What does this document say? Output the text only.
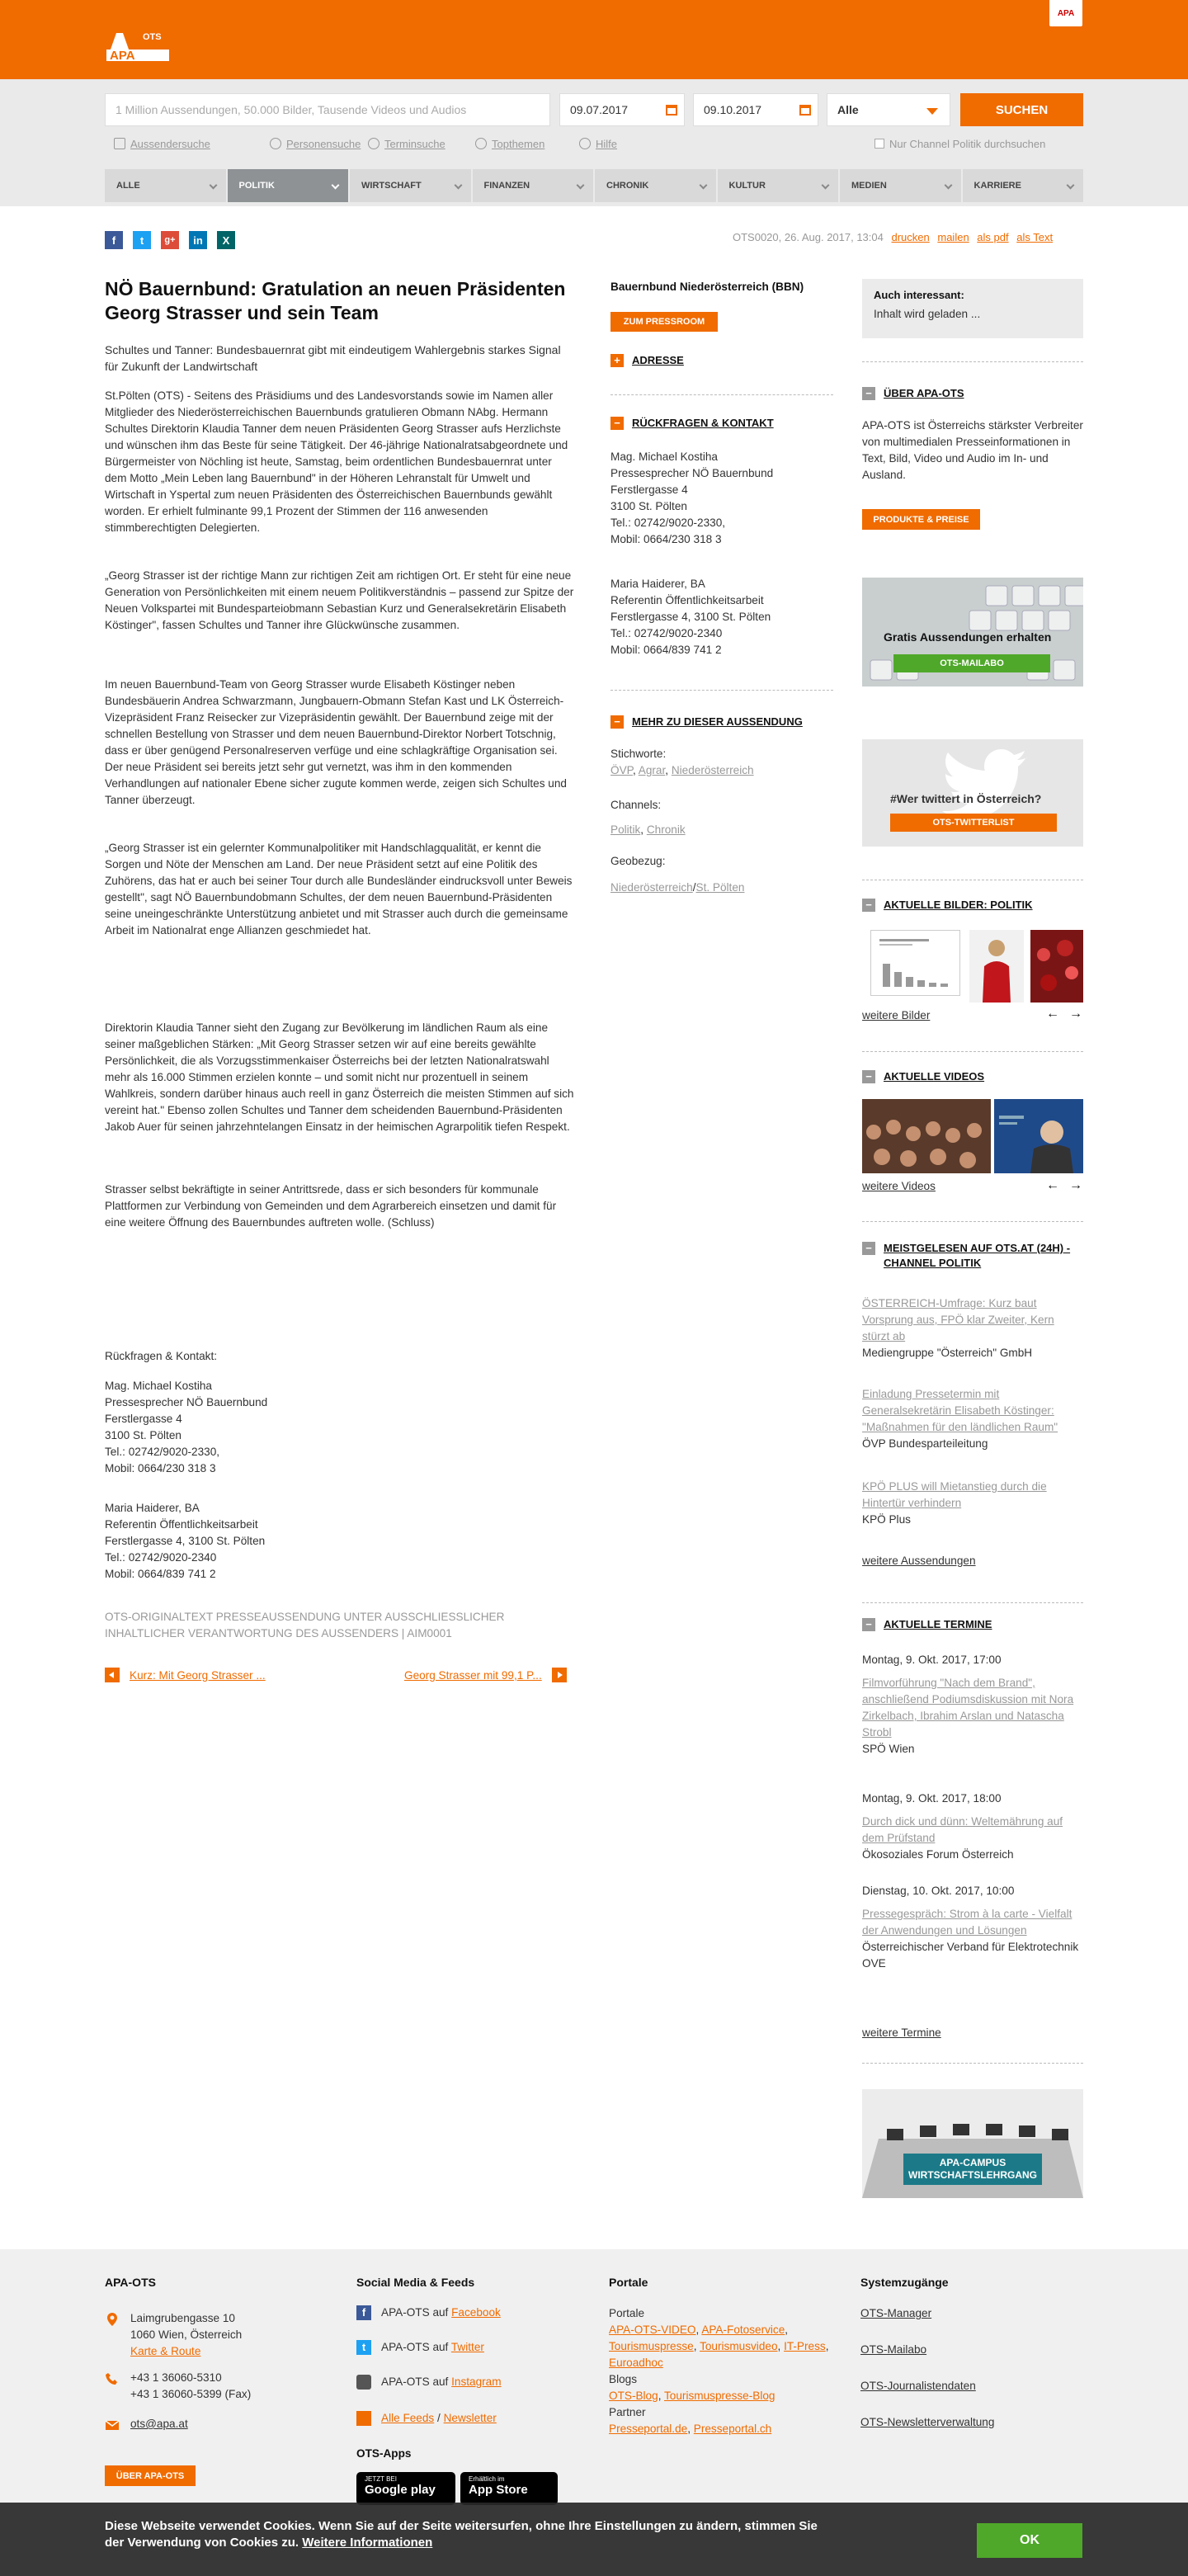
APA
OTS
APA
1 Million Aussendungen, 50.000 Bilder, Tausende Videos und Audios	09.07.2017	09.10.2017	Alle	SUCHEN
Aussendersuche	Personensuche	Terminsuche	Topthemen	Hilfe	Nur Channel Politik durchsuchen
ALLE	POLITIK	WIRTSCHAFT	FINANZEN	CHRONIK	KULTUR	MEDIEN	KARRIERE
f	t	g+	in	X	OTS0020, 26. Aug. 2017, 13:04 drucken mailen als pdf als Text
NÖ Bauernbund: Gratulation an neuen Präsidenten Georg Strasser und sein Team

Schultes und Tanner: Bundesbauernrat gibt mit eindeutigem Wahlergebnis starkes Signal für Zukunft der Landwirtschaft

St.Pölten (OTS) - Seitens des Präsidiums und des Landesvorstands sowie im Namen aller Mitglieder des Niederösterreichischen Bauernbunds gratulieren Obmann NAbg. Hermann Schultes Direktorin Klaudia Tanner dem neuen Präsidenten Georg Strasser aufs Herzlichste und wünschen ihm das Beste für seine Tätigkeit. Der 46-jährige Nationalratsabgeordnete und Bürgermeister von Nöchling ist heute, Samstag, beim ordentlichen Bundesbauernrat unter dem Motto „Mein Leben lang Bauernbund" in der Höheren Lehranstalt für Umwelt und Wirtschaft in Yspertal zum neuen Präsidenten des Österreichischen Bauernbunds gewählt worden. Er erhielt fulminante 99,1 Prozent der Stimmen der 116 anwesenden stimmberechtigten Delegierten.

„Georg Strasser ist der richtige Mann zur richtigen Zeit am richtigen Ort. Er steht für eine neue Generation von Persönlichkeiten mit einem neuem Politikverständnis – passend zur Spitze der Neuen Volkspartei mit Bundesparteiobmann Sebastian Kurz und Generalsekretärin Elisabeth Köstinger", fassen Schultes und Tanner ihre Glückwünsche zusammen.

Im neuen Bauernbund-Team von Georg Strasser wurde Elisabeth Köstinger neben Bundesbäuerin Andrea Schwarzmann, Jungbauern-Obmann Stefan Kast und LK Österreich-Vizepräsident Franz Reisecker zur Vizepräsidentin gewählt. Der Bauernbund zeige mit der schnellen Bestellung von Strasser und dem neuen Bauernbund-Direktor Norbert Totschnig, dass er über genügend Personalreserven verfüge und eine schlagkräftige Organisation sei. Der neue Präsident sei bereits jetzt sehr gut vernetzt, was ihm in den kommenden Verhandlungen auf nationaler Ebene sicher zugute kommen werde, zeigen sich Schultes und Tanner überzeugt.

„Georg Strasser ist ein gelernter Kommunalpolitiker mit Handschlagqualität, er kennt die Sorgen und Nöte der Menschen am Land. Der neue Präsident setzt auf eine Politik des Zuhörens, das hat er auch bei seiner Tour durch alle Bundesländer eindrucksvoll unter Beweis gestellt", sagt NÖ Bauernbundobmann Schultes, der dem neuen Bauernbund-Präsidenten seine uneingeschränkte Unterstützung anbietet und mit Strasser auch durch die gemeinsame Arbeit im Nationalrat enge Allianzen geschmiedet hat.

Direktorin Klaudia Tanner sieht den Zugang zur Bevölkerung im ländlichen Raum als eine seiner maßgeblichen Stärken: „Mit Georg Strasser setzen wir auf eine bereits gewählte Persönlichkeit, die als Vorzugsstimmenkaiser Österreichs bei der letzten Nationalratswahl mehr als 16.000 Stimmen erzielen konnte – und somit nicht nur prozentuell in seinem Wahlkreis, sondern darüber hinaus auch reell in ganz Österreich die meisten Stimmen auf sich vereint hat." Ebenso zollen Schultes und Tanner dem scheidenden Bauernbund-Präsidenten Jakob Auer für seinen jahrzehntelangen Einsatz in der heimischen Agrarpolitik tiefen Respekt.

Strasser selbst bekräftigte in seiner Antrittsrede, dass er sich besonders für kommunale Plattformen zur Verbindung von Gemeinden und dem Agrarbereich einsetzen und damit für eine weitere Öffnung des Bauernbundes auftreten wolle. (Schluss)

Rückfragen & Kontakt:

Mag. Michael Kostiha
Pressesprecher NÖ Bauernbund
Ferstlergasse 4
3100 St. Pölten
Tel.: 02742/9020-2330,
Mobil: 0664/230 318 3
Maria Haiderer, BA
Referentin Öffentlichkeitsarbeit
Ferstlergasse 4, 3100 St. Pölten
Tel.: 02742/9020-2340
Mobil: 0664/839 741 2

OTS-ORIGINALTEXT PRESSEAUSSENDUNG UNTER AUSSCHLIESSLICHER INHALTLICHER VERANTWORTUNG DES AUSSENDERS | AIM0001

Kurz: Mit Georg Strasser ...	Georg Strasser mit 99,1 P...
Bauernbund Niederösterreich (BBN)
ZUM PRESSROOM
+	ADRESSE
−	RÜCKFRAGEN & KONTAKT
Mag. Michael Kostiha
Pressesprecher NÖ Bauernbund
Ferstlergasse 4
3100 St. Pölten
Tel.: 02742/9020-2330,
Mobil: 0664/230 318 3
Maria Haiderer, BA
Referentin Öffentlichkeitsarbeit
Ferstlergasse 4, 3100 St. Pölten
Tel.: 02742/9020-2340
Mobil: 0664/839 741 2
−	MEHR ZU DIESER AUSSENDUNG
Stichworte:
ÖVP, Agrar, Niederösterreich
Channels:
Politik, Chronik
Geobezug:
Niederösterreich/St. Pölten
Auch interessant:
Inhalt wird geladen ...
−	ÜBER APA-OTS
APA-OTS ist Österreichs stärkster Verbreiter von multimedialen Presseinformationen in Text, Bild, Video und Audio im In- und Ausland.
PRODUKTE & PREISE
Gratis Aussendungen erhalten
OTS-MAILABO
#Wer twittert in Österreich?
OTS-TWITTERLIST
−	AKTUELLE BILDER: POLITIK
weitere Bilder	← →
−	AKTUELLE VIDEOS
weitere Videos	← →
−	MEISTGELESEN AUF OTS.AT (24H) - CHANNEL POLITIK
ÖSTERREICH-Umfrage: Kurz baut Vorsprung aus, FPÖ klar Zweiter, Kern stürzt ab
Mediengruppe "Österreich" GmbH
Einladung Pressetermin mit Generalsekretärin Elisabeth Köstinger: "Maßnahmen für den ländlichen Raum"
ÖVP Bundesparteileitung
KPÖ PLUS will Mietanstieg durch die Hintertür verhindern
KPÖ Plus
weitere Aussendungen
−	AKTUELLE TERMINE
Montag, 9. Okt. 2017, 17:00
Filmvorführung "Nach dem Brand", anschließend Podiumsdiskussion mit Nora Zirkelbach, Ibrahim Arslan und Natascha Strobl
SPÖ Wien
Montag, 9. Okt. 2017, 18:00
Durch dick und dünn: Weltemährung auf dem Prüfstand
Ökosoziales Forum Österreich
Dienstag, 10. Okt. 2017, 10:00
Pressegespräch: Strom à la carte - Vielfalt der Anwendungen und Lösungen
Österreichischer Verband für Elektrotechnik OVE
weitere Termine
APA-CAMPUS WIRTSCHAFTSLEHRGANG
APA-OTS
Laimgrubengasse 10
1060 Wien, Österreich
Karte & Route
+43 1 36060-5310
+43 1 36060-5399 (Fax)
ots@apa.at
ÜBER APA-OTS
Social Media & Feeds
f	APA-OTS auf Facebook
t	APA-OTS auf Twitter
APA-OTS auf Instagram
Alle Feeds / Newsletter
OTS-Apps
JETZT BEI
Google play
Erhältlich im
App Store
Portale
Portale
APA-OTS-VIDEO, APA-Fotoservice, Tourismuspresse, Tourismusvideo, IT-Press, Euroadhoc
Blogs
OTS-Blog, Tourismuspresse-Blog
Partner
Presseportal.de, Presseportal.ch
Systemzugänge
OTS-Manager
OTS-Mailabo
OTS-Journalistendaten
OTS-Newsletterverwaltung
Diese Webseite verwendet Cookies. Wenn Sie auf der Seite weitersurfen, ohne Ihre Einstellungen zu ändern, stimmen Sie der Verwendung von Cookies zu. Weitere Informationen	OK
